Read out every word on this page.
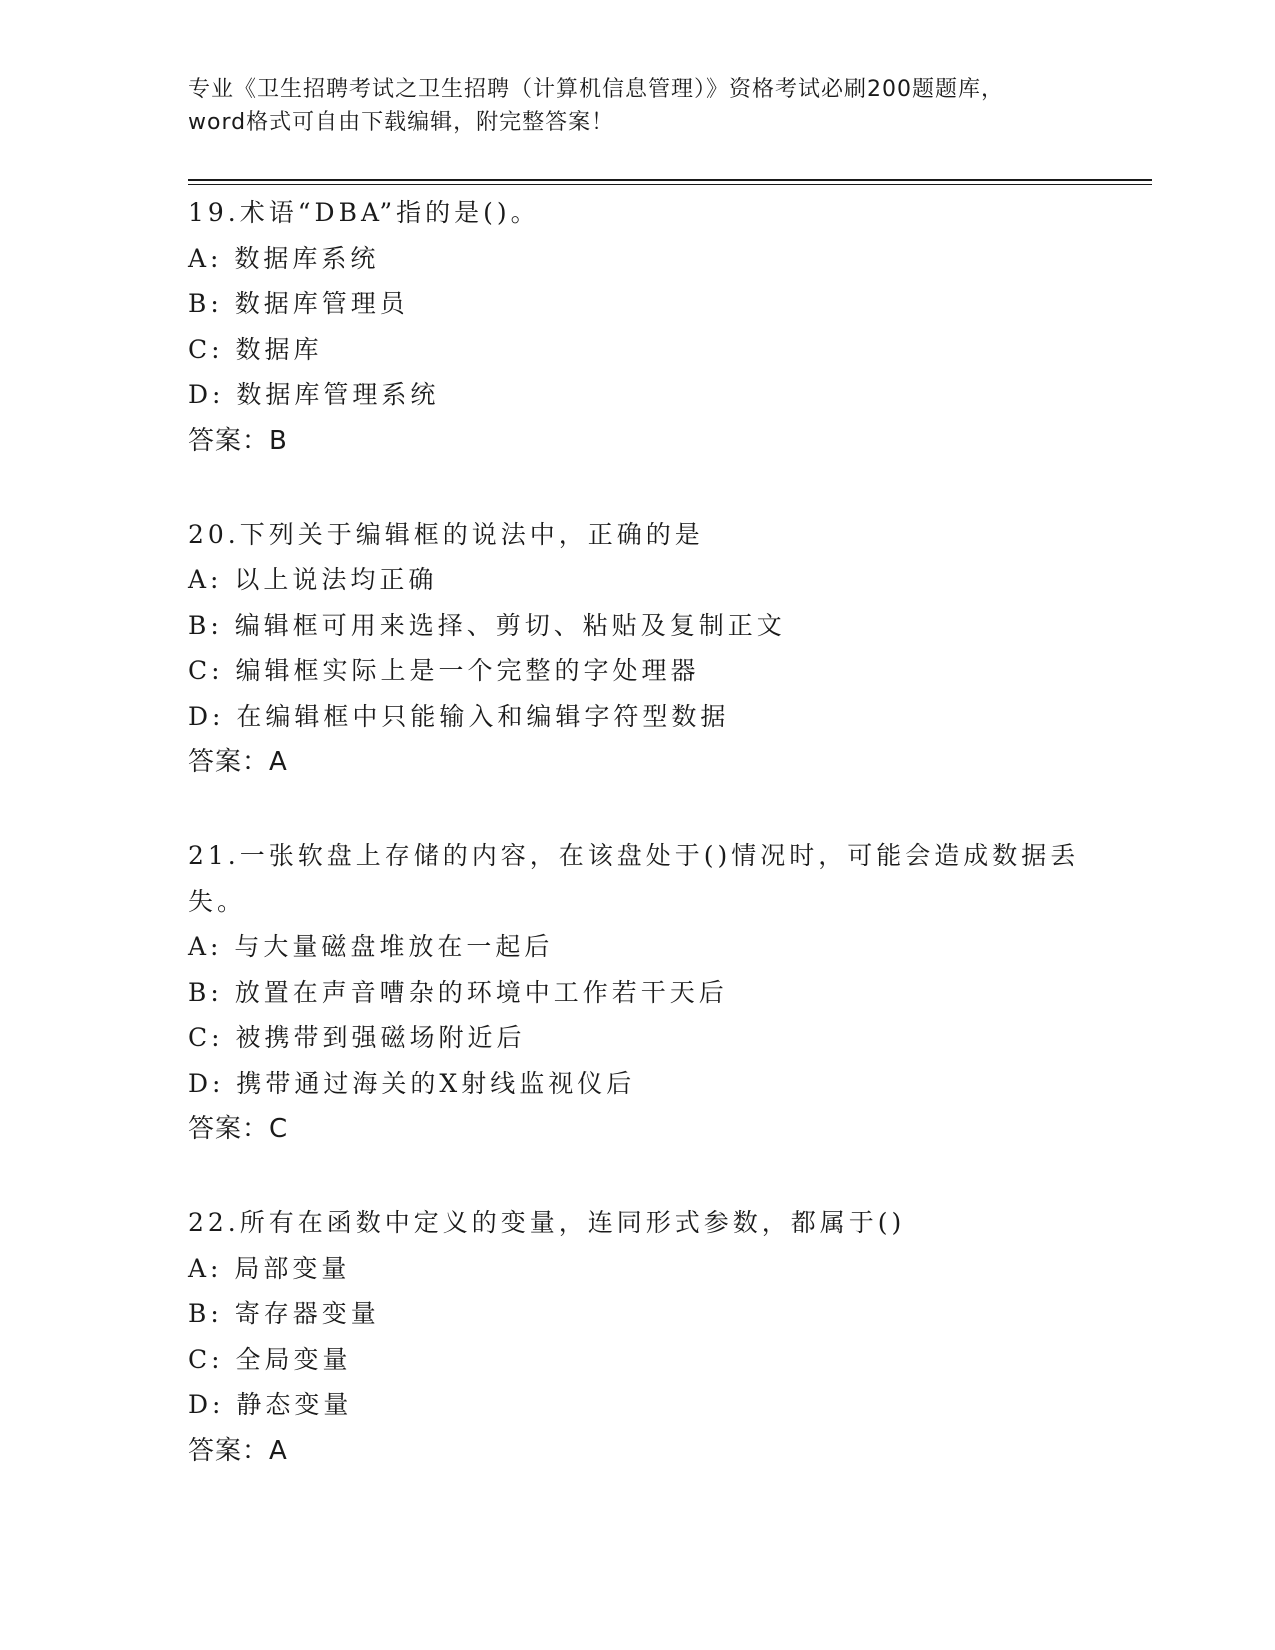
专业《卫生招聘考试之卫生招聘（计算机信息管理）》资格考试必刷200题题库，
word格式可自由下载编辑，附完整答案！
19.术语“DBA”指的是()。
A: 数据库系统
B: 数据库管理员
C: 数据库
D: 数据库管理系统
答案：B
20.下列关于编辑框的说法中，正确的是
A: 以上说法均正确
B: 编辑框可用来选择、剪切、粘贴及复制正文
C: 编辑框实际上是一个完整的字处理器
D: 在编辑框中只能输入和编辑字符型数据
答案：A
21.一张软盘上存储的内容，在该盘处于()情况时，可能会造成数据丢失。
A: 与大量磁盘堆放在一起后
B: 放置在声音嘈杂的环境中工作若干天后
C: 被携带到强磁场附近后
D: 携带通过海关的X射线监视仪后
答案：C
22.所有在函数中定义的变量，连同形式参数，都属于()
A: 局部变量
B: 寄存器变量
C: 全局变量
D: 静态变量
答案：A
